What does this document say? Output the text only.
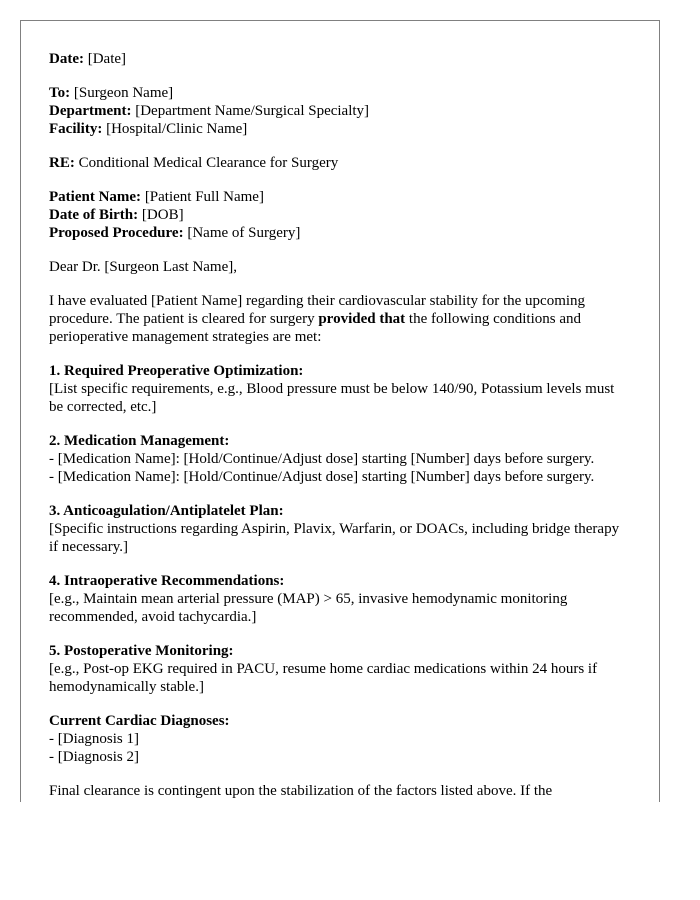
Date: [Date]
To: [Surgeon Name]
Department: [Department Name/Surgical Specialty]
Facility: [Hospital/Clinic Name]
RE: Conditional Medical Clearance for Surgery
Patient Name: [Patient Full Name]
Date of Birth: [DOB]
Proposed Procedure: [Name of Surgery]
Dear Dr. [Surgeon Last Name],
I have evaluated [Patient Name] regarding their cardiovascular stability for the upcoming procedure. The patient is cleared for surgery provided that the following conditions and perioperative management strategies are met:
1. Required Preoperative Optimization:
[List specific requirements, e.g., Blood pressure must be below 140/90, Potassium levels must be corrected, etc.]
2. Medication Management:
- [Medication Name]: [Hold/Continue/Adjust dose] starting [Number] days before surgery.
- [Medication Name]: [Hold/Continue/Adjust dose] starting [Number] days before surgery.
3. Anticoagulation/Antiplatelet Plan:
[Specific instructions regarding Aspirin, Plavix, Warfarin, or DOACs, including bridge therapy if necessary.]
4. Intraoperative Recommendations:
[e.g., Maintain mean arterial pressure (MAP) > 65, invasive hemodynamic monitoring recommended, avoid tachycardia.]
5. Postoperative Monitoring:
[e.g., Post-op EKG required in PACU, resume home cardiac medications within 24 hours if hemodynamically stable.]
Current Cardiac Diagnoses:
- [Diagnosis 1]
- [Diagnosis 2]
Final clearance is contingent upon the stabilization of the factors listed above. If the
